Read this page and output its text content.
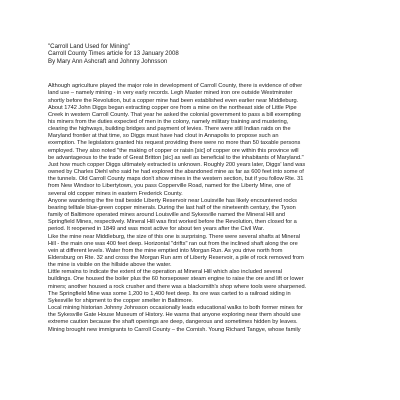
"Carroll Land Used for Mining"
Carroll County Times article for 13 January 2008
By Mary Ann Ashcraft and Johnny Johnsson
Although agriculture played the major role in development of Carroll County, there is evidence of other
land use – namely mining - in very early records. Legh Master mined iron ore outside Westminster
shortly before the Revolution, but a copper mine had been established even earlier near Middleburg.
About 1742 John Diggs began extracting copper ore from a mine on the northeast side of Little Pipe
Creek in western Carroll County. That year he asked the colonial government to pass a bill exempting
his miners from the duties expected of men in the colony, namely military training and mustering,
clearing the highways, building bridges and payment of levies. There were still Indian raids on the
Maryland frontier at that time, so Diggs must have had clout in Annapolis to propose such an
exemption. The legislators granted his request providing there were no more than 50 taxable persons
employed. They also noted "the making of copper or raisin [sic] of copper ore within this province will
be advantageous to the trade of Great Britton [sic] as well as beneficial to the inhabitants of Maryland."
Just how much copper Diggs ultimately extracted is unknown. Roughly 200 years later, Diggs' land was
owned by Charles Diehl who said he had explored the abandoned mine as far as 600 feet into some of
the tunnels. Old Carroll County maps don't show mines in the western section, but if you follow Rte. 31
from New Windsor to Libertytown, you pass Copperville Road, named for the Liberty Mine, one of
several old copper mines in eastern Frederick County.
Anyone wandering the fire trail beside Liberty Reservoir near Louisville has likely encountered rocks
bearing telltale blue-green copper minerals. During the last half of the nineteenth century, the Tyson
family of Baltimore operated mines around Louisville and Sykesville named the Mineral Hill and
Springfield Mines, respectively. Mineral Hill was first worked before the Revolution, then closed for a
period. It reopened in 1849 and was most active for about ten years after the Civil War.
Like the mine near Middleburg, the size of this one is surprising. There were several shafts at Mineral
Hill - the main one was 400 feet deep. Horizontal "drifts" ran out from the inclined shaft along the ore
vein at different levels. Water from the mine emptied into Morgan Run. As you drive north from
Eldersburg on Rte. 32 and cross the Morgan Run arm of Liberty Reservoir, a pile of rock removed from
the mine is visible on the hillside above the water.
Little remains to indicate the extent of the operation at Mineral Hill which also included several
buildings. One housed the boiler plus the 60 horsepower steam engine to raise the ore and lift or lower
miners; another housed a rock crusher and there was a blacksmith's shop where tools were sharpened.
The Springfield Mine was some 1,200 to 1,400 feet deep. Its ore was carted to a railroad siding in
Sykesville for shipment to the copper smelter in Baltimore.
Local mining historian Johnny Johnsson occasionally leads educational walks to both former mines for
the Sykesville Gate House Museum of History. He warns that anyone exploring near them should use
extreme caution because the shaft openings are deep, dangerous and sometimes hidden by leaves.
Mining brought new immigrants to Carroll County – the Cornish. Young Richard Tangye, whose family
